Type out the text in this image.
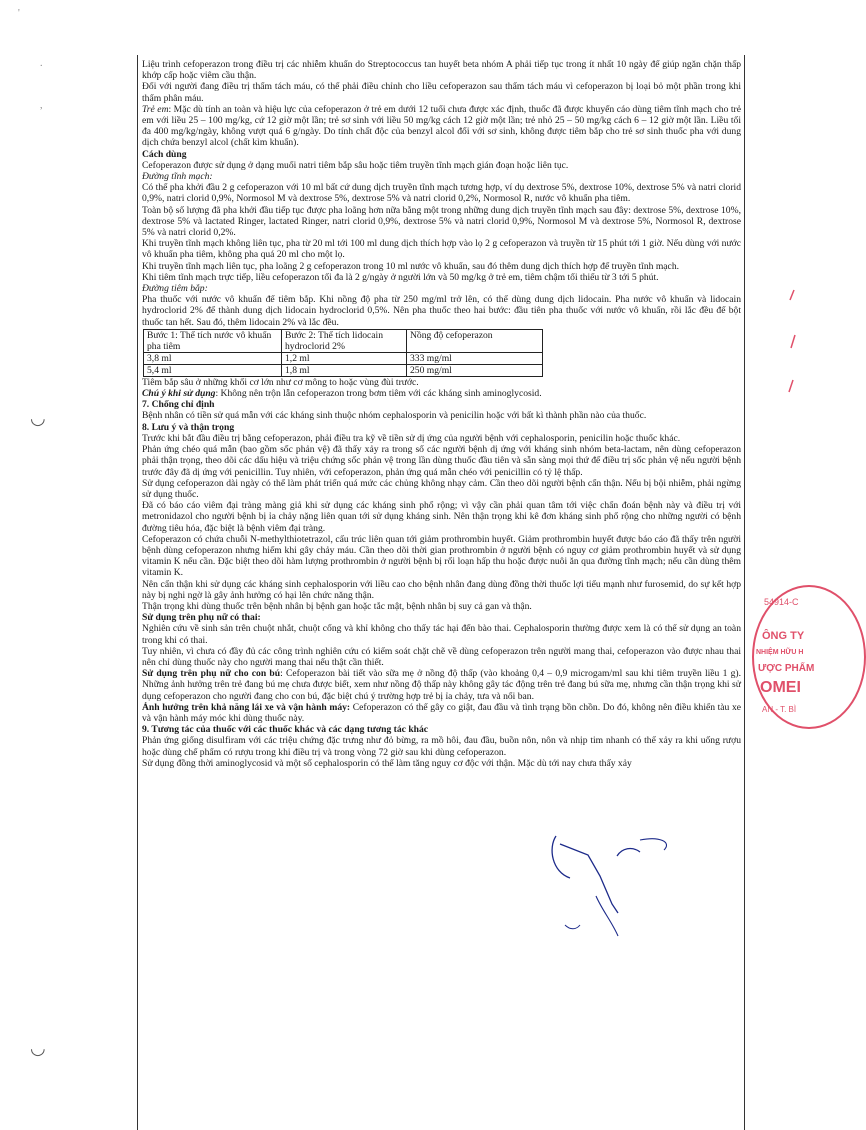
'
.
,
◡
◡

Liệu trình cefoperazon trong điều trị các nhiễm khuẩn do Streptococcus tan huyết beta nhóm A phải tiếp tục trong ít nhất 10 ngày để giúp ngăn chặn thấp khớp cấp hoặc viêm cầu thận.

Đối với người đang điều trị thẩm tách máu, có thể phải điều chỉnh cho liều cefoperazon sau thẩm tách máu vì cefoperazon bị loại bỏ một phần trong khi thẩm phân máu.

Trẻ em: Mặc dù tính an toàn và hiệu lực của cefoperazon ở trẻ em dưới 12 tuổi chưa được xác định, thuốc đã được khuyến cáo dùng tiêm tĩnh mạch cho trẻ em với liều 25 – 100 mg/kg, cứ 12 giờ một lần; trẻ sơ sinh với liều 50 mg/kg cách 12 giờ một lần; trẻ nhỏ 25 – 50 mg/kg cách 6 – 12 giờ một lần. Liều tối đa 400 mg/kg/ngày, không vượt quá 6 g/ngày. Do tính chất độc của benzyl alcol đối với sơ sinh, không được tiêm bắp cho trẻ sơ sinh thuốc pha với dung dịch chứa benzyl alcol (chất kìm khuẩn).

Cách dùng

Cefoperazon được sử dụng ở dạng muối natri tiêm bắp sâu hoặc tiêm truyền tĩnh mạch gián đoạn hoặc liên tục.

Đường tĩnh mạch:

Có thể pha khởi đầu 2 g cefoperazon với 10 ml bất cứ dung dịch truyền tĩnh mạch tương hợp, ví dụ dextrose 5%, dextrose 10%, dextrose 5% và natri clorid 0,9%, natri clorid 0,9%, Normosol M và dextrose 5%, dextrose 5% và natri clorid 0,2%, Normosol R, nước vô khuẩn pha tiêm.

Toàn bộ số lượng đã pha khởi đầu tiếp tục được pha loãng hơn nữa bằng một trong những dung dịch truyền tĩnh mạch sau đây: dextrose 5%, dextrose 10%, dextrose 5% và lactated Ringer, lactated Ringer, natri clorid 0,9%, dextrose 5% và natri clorid 0,9%, Normosol M và dextrose 5%, Normosol R, dextrose 5% và natri clorid 0,2%.

Khi truyền tĩnh mạch không liên tục, pha từ 20 ml tới 100 ml dung dịch thích hợp vào lọ 2 g cefoperazon và truyền từ 15 phút tới 1 giờ. Nếu dùng với nước vô khuẩn pha tiêm, không pha quá 20 ml cho một lọ.

Khi truyền tĩnh mạch liên tục, pha loãng 2 g cefoperazon trong 10 ml nước vô khuẩn, sau đó thêm dung dịch thích hợp để truyền tĩnh mạch.

Khi tiêm tĩnh mạch trực tiếp, liều cefoperazon tối đa là 2 g/ngày ở người lớn và 50 mg/kg ở trẻ em, tiêm chậm tối thiểu từ 3 tới 5 phút.

Đường tiêm bắp:

Pha thuốc với nước vô khuẩn để tiêm bắp. Khi nồng độ pha từ 250 mg/ml trở lên, có thể dùng dung dịch lidocain. Pha nước vô khuẩn và lidocain hydroclorid 2% để thành dung dịch lidocain hydroclorid 0,5%. Nên pha thuốc theo hai bước: đầu tiên pha thuốc với nước vô khuẩn, rồi lắc đều để bột thuốc tan hết. Sau đó, thêm lidocain 2% và lắc đều.

Bước 1: Thể tích nước vô khuẩn pha tiêm	Bước 2: Thể tích lidocain hydroclorid 2%	Nồng độ cefoperazon
3,8 ml	1,2 ml	333 mg/ml
5,4 ml	1,8 ml	250 mg/ml

Tiêm bắp sâu ở những khối cơ lớn như cơ mông to hoặc vùng đùi trước.

Chú ý khi sử dụng: Không nên trộn lẫn cefoperazon trong bơm tiêm với các kháng sinh aminoglycosid.

7. Chống chỉ định

Bệnh nhân có tiền sử quá mẫn với các kháng sinh thuộc nhóm cephalosporin và penicilin hoặc với bất kì thành phần nào của thuốc.

8. Lưu ý và thận trọng

Trước khi bắt đầu điều trị bằng cefoperazon, phải điều tra kỹ về tiền sử dị ứng của người bệnh với cephalosporin, penicilin hoặc thuốc khác.

Phản ứng chéo quá mẫn (bao gồm sốc phản vệ) đã thấy xảy ra trong số các người bệnh dị ứng với kháng sinh nhóm beta-lactam, nên dùng cefoperazon phải thận trọng, theo dõi các dấu hiệu và triệu chứng sốc phản vệ trong lần dùng thuốc đầu tiên và sẵn sàng mọi thứ để điều trị sốc phản vệ nếu người bệnh trước đây đã dị ứng với penicillin. Tuy nhiên, với cefoperazon, phản ứng quá mẫn chéo với penicillin có tỷ lệ thấp.

Sử dụng cefoperazon dài ngày có thể làm phát triển quá mức các chủng không nhạy cảm. Cần theo dõi người bệnh cẩn thận. Nếu bị bội nhiễm, phải ngừng sử dụng thuốc.

Đã có báo cáo viêm đại tràng màng giả khi sử dụng các kháng sinh phổ rộng; vì vậy cần phải quan tâm tới việc chẩn đoán bệnh này và điều trị với metronidazol cho người bệnh bị ỉa chảy nặng liên quan tới sử dụng kháng sinh. Nên thận trọng khi kê đơn kháng sinh phổ rộng cho những người có bệnh đường tiêu hóa, đặc biệt là bệnh viêm đại tràng.

Cefoperazon có chứa chuỗi N-methylthiotetrazol, cấu trúc liên quan tới giảm prothrombin huyết. Giảm prothrombin huyết được báo cáo đã thấy trên người bệnh dùng cefoperazon nhưng hiếm khi gây chảy máu. Cần theo dõi thời gian prothrombin ở người bệnh có nguy cơ giảm prothrombin huyết và sử dụng vitamin K nếu cần. Đặc biệt theo dõi hàm lượng prothrombin ở người bệnh bị rối loạn hấp thu hoặc được nuôi ăn qua đường tĩnh mạch; nếu cần dùng thêm vitamin K.

Nên cẩn thận khi sử dụng các kháng sinh cephalosporin với liều cao cho bệnh nhân đang dùng đồng thời thuốc lợi tiểu mạnh như furosemid, do sự kết hợp này bị nghi ngờ là gây ảnh hưởng có hại lên chức năng thận.

Thận trọng khi dùng thuốc trên bệnh nhân bị bệnh gan hoặc tắc mật, bệnh nhân bị suy cả gan và thận.

Sử dụng trên phụ nữ có thai:

Nghiên cứu về sinh sản trên chuột nhắt, chuột cống và khỉ không cho thấy tác hại đến bào thai. Cephalosporin thường được xem là có thể sử dụng an toàn trong khi có thai.

Tuy nhiên, vì chưa có đầy đủ các công trình nghiên cứu có kiểm soát chặt chẽ về dùng cefoperazon trên người mang thai, cefoperazon vào được nhau thai nên chỉ dùng thuốc này cho người mang thai nếu thật cần thiết.

Sử dụng trên phụ nữ cho con bú: Cefoperazon bài tiết vào sữa mẹ ở nồng độ thấp (vào khoảng 0,4 – 0,9 microgam/ml sau khi tiêm truyền liều 1 g). Những ảnh hưởng trên trẻ đang bú mẹ chưa được biết, xem như nồng độ thấp này không gây tác động trên trẻ đang bú sữa mẹ, nhưng cần thận trọng khi sử dụng cefoperazon cho người đang cho con bú, đặc biệt chú ý trường hợp trẻ bị ỉa chảy, tưa và nổi ban.

Ảnh hưởng trên khả năng lái xe và vận hành máy: Cefoperazon có thể gây co giật, đau đầu và tình trạng bồn chồn. Do đó, không nên điều khiển tàu xe và vận hành máy móc khi dùng thuốc này.

9. Tương tác của thuốc với các thuốc khác và các dạng tương tác khác

Phản ứng giống disulfiram với các triệu chứng đặc trưng như đỏ bừng, ra mồ hôi, đau đầu, buồn nôn, nôn và nhịp tim nhanh có thể xảy ra khi uống rượu hoặc dùng chế phẩm có rượu trong khi điều trị và trong vòng 72 giờ sau khi dùng cefoperazon.

Sử dụng đồng thời aminoglycosid và một số cephalosporin có thể làm tăng nguy cơ độc với thận. Mặc dù tới nay chưa thấy xảy

54914-C
ÔNG TY
NHIỆM HỮU H
ƯỢC PHẨM
OMEI
AN - T. BÌ
